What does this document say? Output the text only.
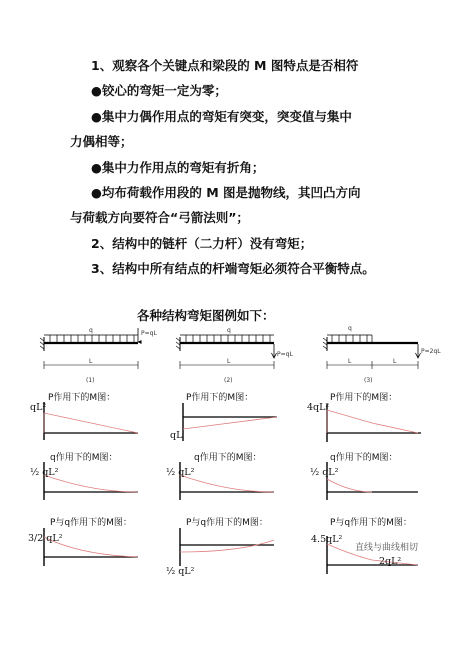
1、观察各个关键点和梁段的 M 图特点是否相符
●铰心的弯矩一定为零；
●集中力偶作用点的弯矩有突变，突变值与集中
力偶相等；
●集中力作用点的弯矩有折角；
●均布荷载作用段的 M 图是抛物线，其凹凸方向
与荷载方向要符合“弓箭法则”；
2、结构中的链杆（二力杆）没有弯矩；
3、结构中所有结点的杆端弯矩必须符合平衡特点。
各种结构弯矩图例如下：
q	P=qL
L
(1)
q
P=qL
L
(2)
q
P=2qL
L	L
(3)
P作用下的M图：
qL²
P作用下的M图：
qL
P作用下的M图：
4qL²
q作用下的M图：
½ qL²
q作用下的M图：
½ qL²
q作用下的M图：
½ qL²
P与q作用下的M图：
3/2 qL²
P与q作用下的M图：
½ qL²
P与q作用下的M图：
4.5qL²
直线与曲线相切
2qL²
